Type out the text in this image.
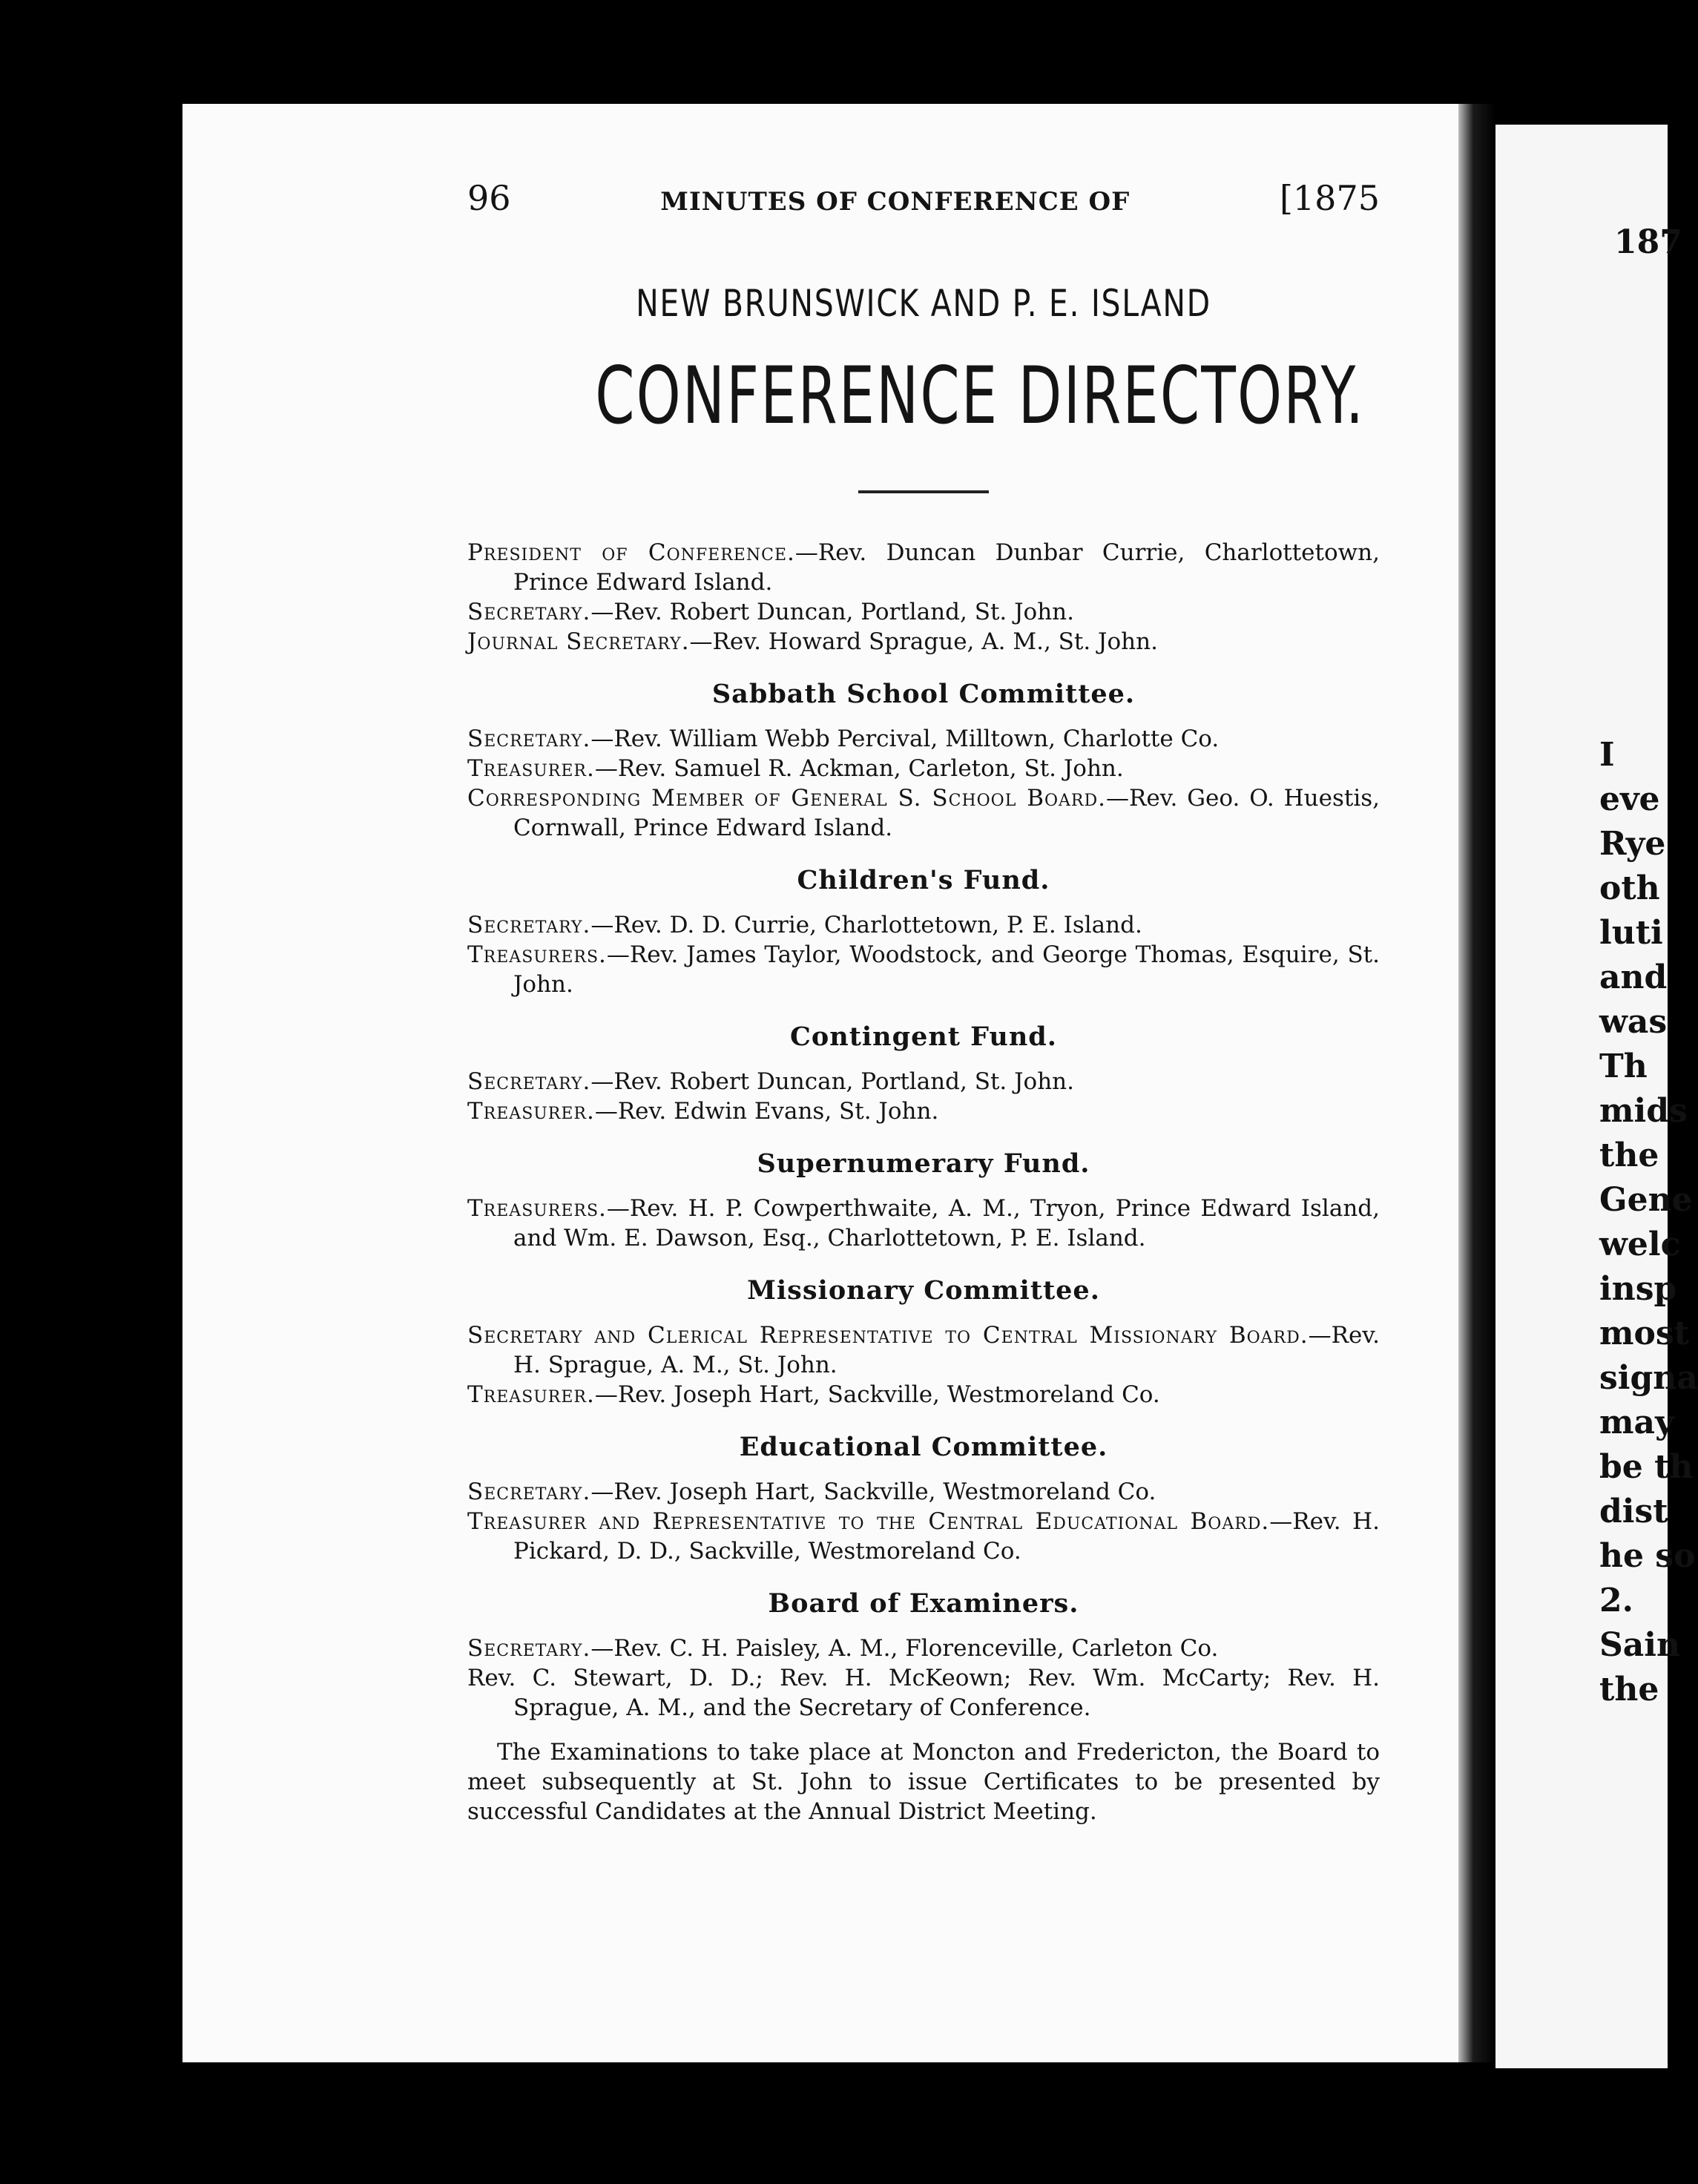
187

I
eve
Rye
oth
luti
and
was
Th
mids
the
Gene
welc
insp
most
signa
may
be th
dist
he so
2.
Sain
the
96	MINUTES OF CONFERENCE OF	[1875
NEW BRUNSWICK AND P. E. ISLAND
CONFERENCE DIRECTORY.

President of Conference.—Rev. Duncan Dunbar Currie, Charlottetown, Prince Edward Island.

Secretary.—Rev. Robert Duncan, Portland, St. John.

Journal Secretary.—Rev. Howard Sprague, A. M., St. John.

Sabbath School Committee.

Secretary.—Rev. William Webb Percival, Milltown, Charlotte Co.

Treasurer.—Rev. Samuel R. Ackman, Carleton, St. John.

Corresponding Member of General S. School Board.—Rev. Geo. O. Huestis, Cornwall, Prince Edward Island.

Children's Fund.

Secretary.—Rev. D. D. Currie, Charlottetown, P. E. Island.

Treasurers.—Rev. James Taylor, Woodstock, and George Thomas, Esquire, St. John.

Contingent Fund.

Secretary.—Rev. Robert Duncan, Portland, St. John.

Treasurer.—Rev. Edwin Evans, St. John.

Supernumerary Fund.

Treasurers.—Rev. H. P. Cowperthwaite, A. M., Tryon, Prince Edward Island, and Wm. E. Dawson, Esq., Charlottetown, P. E. Island.

Missionary Committee.

Secretary and Clerical Representative to Central Missionary Board.—Rev. H. Sprague, A. M., St. John.

Treasurer.—Rev. Joseph Hart, Sackville, Westmoreland Co.

Educational Committee.

Secretary.—Rev. Joseph Hart, Sackville, Westmoreland Co.

Treasurer and Representative to the Central Educational Board.—Rev. H. Pickard, D. D., Sackville, Westmoreland Co.

Board of Examiners.

Secretary.—Rev. C. H. Paisley, A. M., Florenceville, Carleton Co.

Rev. C. Stewart, D. D.; Rev. H. McKeown; Rev. Wm. McCarty; Rev. H. Sprague, A. M., and the Secretary of Conference.

The Examinations to take place at Moncton and Fredericton, the Board to meet subsequently at St. John to issue Certificates to be presented by successful Candidates at the Annual District Meeting.
